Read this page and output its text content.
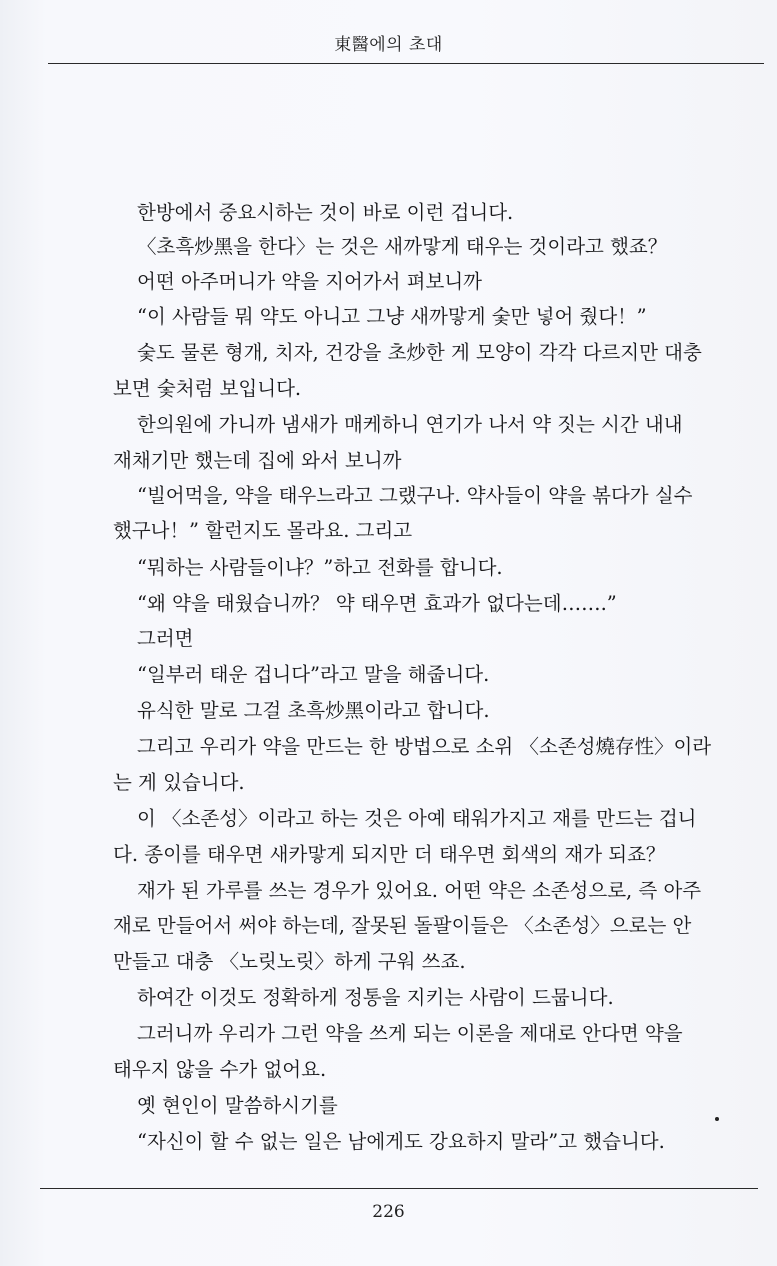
東醫에의 초대
한방에서 중요시하는 것이 바로 이런 겁니다.
〈초흑炒黑을 한다〉는 것은 새까맣게 태우는 것이라고 했죠？
어떤 아주머니가 약을 지어가서 펴보니까
“이 사람들 뭐 약도 아니고 그냥 새까맣게 숯만 넣어 줬다！”
숯도 물론 형개, 치자, 건강을 초炒한 게 모양이 각각 다르지만 대충
보면 숯처럼 보입니다.
한의원에 가니까 냄새가 매케하니 연기가 나서 약 짓는 시간 내내
재채기만 했는데 집에 와서 보니까
“빌어먹을, 약을 태우느라고 그랬구나. 약사들이 약을 볶다가 실수
했구나！” 할런지도 몰라요. 그리고
“뭐하는 사람들이냐？”하고 전화를 합니다.
“왜 약을 태웠습니까？ 약 태우면 효과가 없다는데…….”
그러면
“일부러 태운 겁니다”라고 말을 해줍니다.
유식한 말로 그걸 초흑炒黑이라고 합니다.
그리고 우리가 약을 만드는 한 방법으로 소위 〈소존성燒存性〉이라
는 게 있습니다.
이 〈소존성〉이라고 하는 것은 아예 태워가지고 재를 만드는 겁니
다. 종이를 태우면 새카맣게 되지만 더 태우면 회색의 재가 되죠？
재가 된 가루를 쓰는 경우가 있어요. 어떤 약은 소존성으로, 즉 아주
재로 만들어서 써야 하는데, 잘못된 돌팔이들은 〈소존성〉으로는 안
만들고 대충 〈노릿노릿〉하게 구워 쓰죠.
하여간 이것도 정확하게 정통을 지키는 사람이 드뭅니다.
그러니까 우리가 그런 약을 쓰게 되는 이론을 제대로 안다면 약을
태우지 않을 수가 없어요.
옛 현인이 말씀하시기를
“자신이 할 수 없는 일은 남에게도 강요하지 말라”고 했습니다.
226
